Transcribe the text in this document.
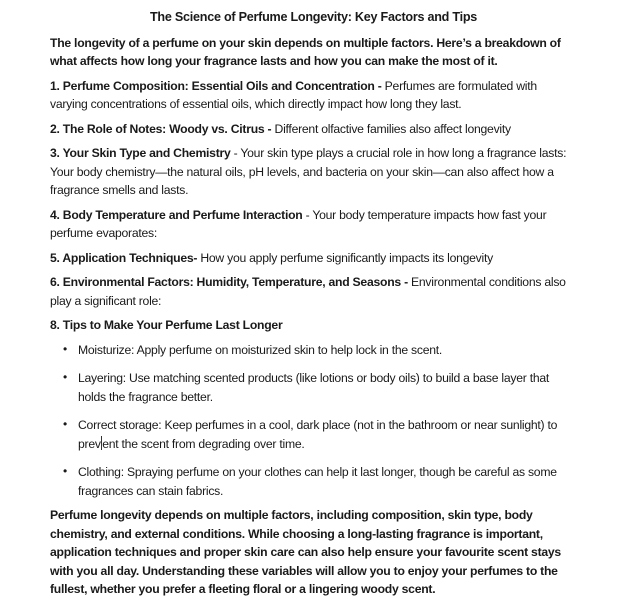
The Science of Perfume Longevity: Key Factors and Tips

The longevity of a perfume on your skin depends on multiple factors. Here’s a breakdown of what affects how long your fragrance lasts and how you can make the most of it.

1. Perfume Composition: Essential Oils and Concentration - Perfumes are formulated with varying concentrations of essential oils, which directly impact how long they last.

2. The Role of Notes: Woody vs. Citrus - Different olfactive families also affect longevity

3. Your Skin Type and Chemistry - Your skin type plays a crucial role in how long a fragrance lasts: Your body chemistry—the natural oils, pH levels, and bacteria on your skin—can also affect how a fragrance smells and lasts.

4. Body Temperature and Perfume Interaction - Your body temperature impacts how fast your perfume evaporates:

5. Application Techniques- How you apply perfume significantly impacts its longevity

6. Environmental Factors: Humidity, Temperature, and Seasons - Environmental conditions also play a significant role:

8. Tips to Make Your Perfume Last Longer

• Moisturize: Apply perfume on moisturized skin to help lock in the scent.
• Layering: Use matching scented products (like lotions or body oils) to build a base layer that holds the fragrance better.
• Correct storage: Keep perfumes in a cool, dark place (not in the bathroom or near sunlight) to prev ent the scent from degrading over time.
• Clothing: Spraying perfume on your clothes can help it last longer, though be careful as some fragrances can stain fabrics.

Perfume longevity depends on multiple factors, including composition, skin type, body chemistry, and external conditions. While choosing a long-lasting fragrance is important, application techniques and proper skin care can also help ensure your favourite scent stays with you all day. Understanding these variables will allow you to enjoy your perfumes to the fullest, whether you prefer a fleeting floral or a lingering woody scent.
